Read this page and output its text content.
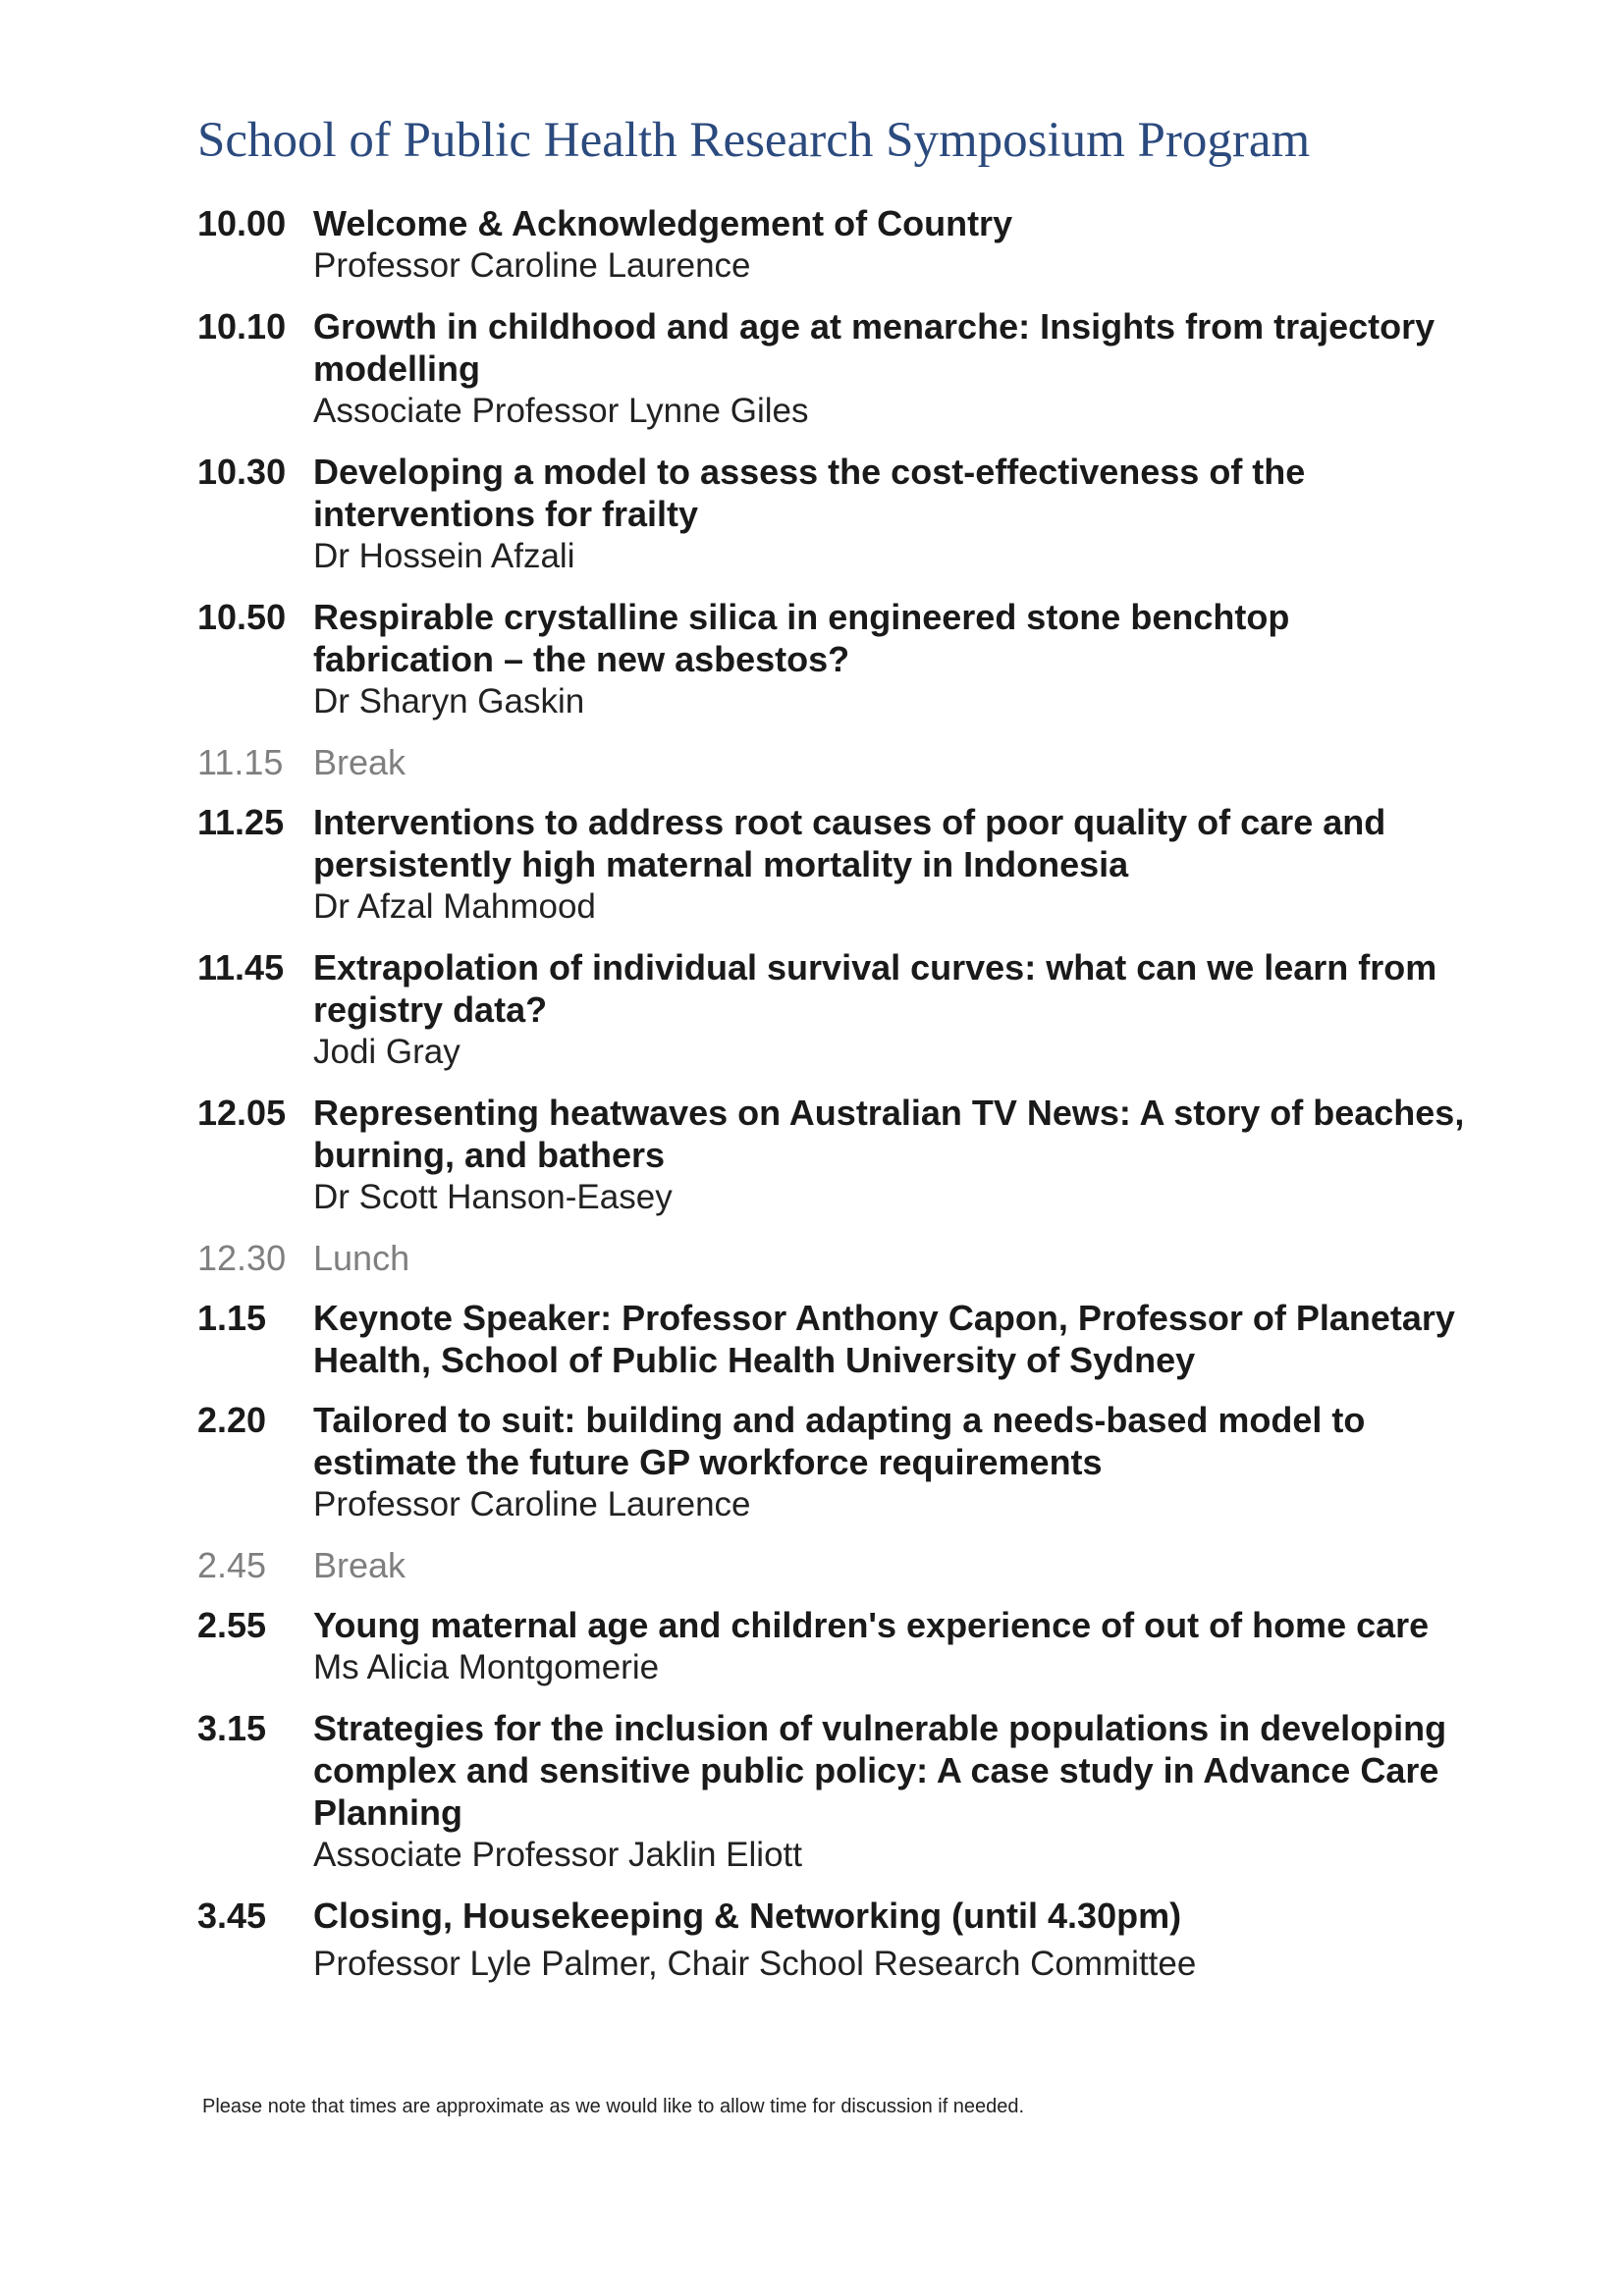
School of Public Health Research Symposium Program
10.00 Welcome & Acknowledgement of Country
Professor Caroline Laurence
10.10 Growth in childhood and age at menarche: Insights from trajectory modelling
Associate Professor Lynne Giles
10.30 Developing a model to assess the cost-effectiveness of the interventions for frailty
Dr Hossein Afzali
10.50 Respirable crystalline silica in engineered stone benchtop fabrication – the new asbestos?
Dr Sharyn Gaskin
11.15 Break
11.25 Interventions to address root causes of poor quality of care and persistently high maternal mortality in Indonesia
Dr Afzal Mahmood
11.45 Extrapolation of individual survival curves: what can we learn from registry data?
Jodi Gray
12.05 Representing heatwaves on Australian TV News: A story of beaches, burning, and bathers
Dr Scott Hanson-Easey
12.30 Lunch
1.15	Keynote Speaker: Professor Anthony Capon, Professor of Planetary Health, School of Public Health University of Sydney
2.20	Tailored to suit: building and adapting a needs-based model to estimate the future GP workforce requirements
Professor Caroline Laurence
2.45	Break
2.55	Young maternal age and children's experience of out of home care
Ms Alicia Montgomerie
3.15	Strategies for the inclusion of vulnerable populations in developing complex and sensitive public policy: A case study in Advance Care Planning
Associate Professor Jaklin Eliott
3.45	Closing, Housekeeping & Networking (until 4.30pm)
Professor Lyle Palmer, Chair School Research Committee
Please note that times are approximate as we would like to allow time for discussion if needed.
